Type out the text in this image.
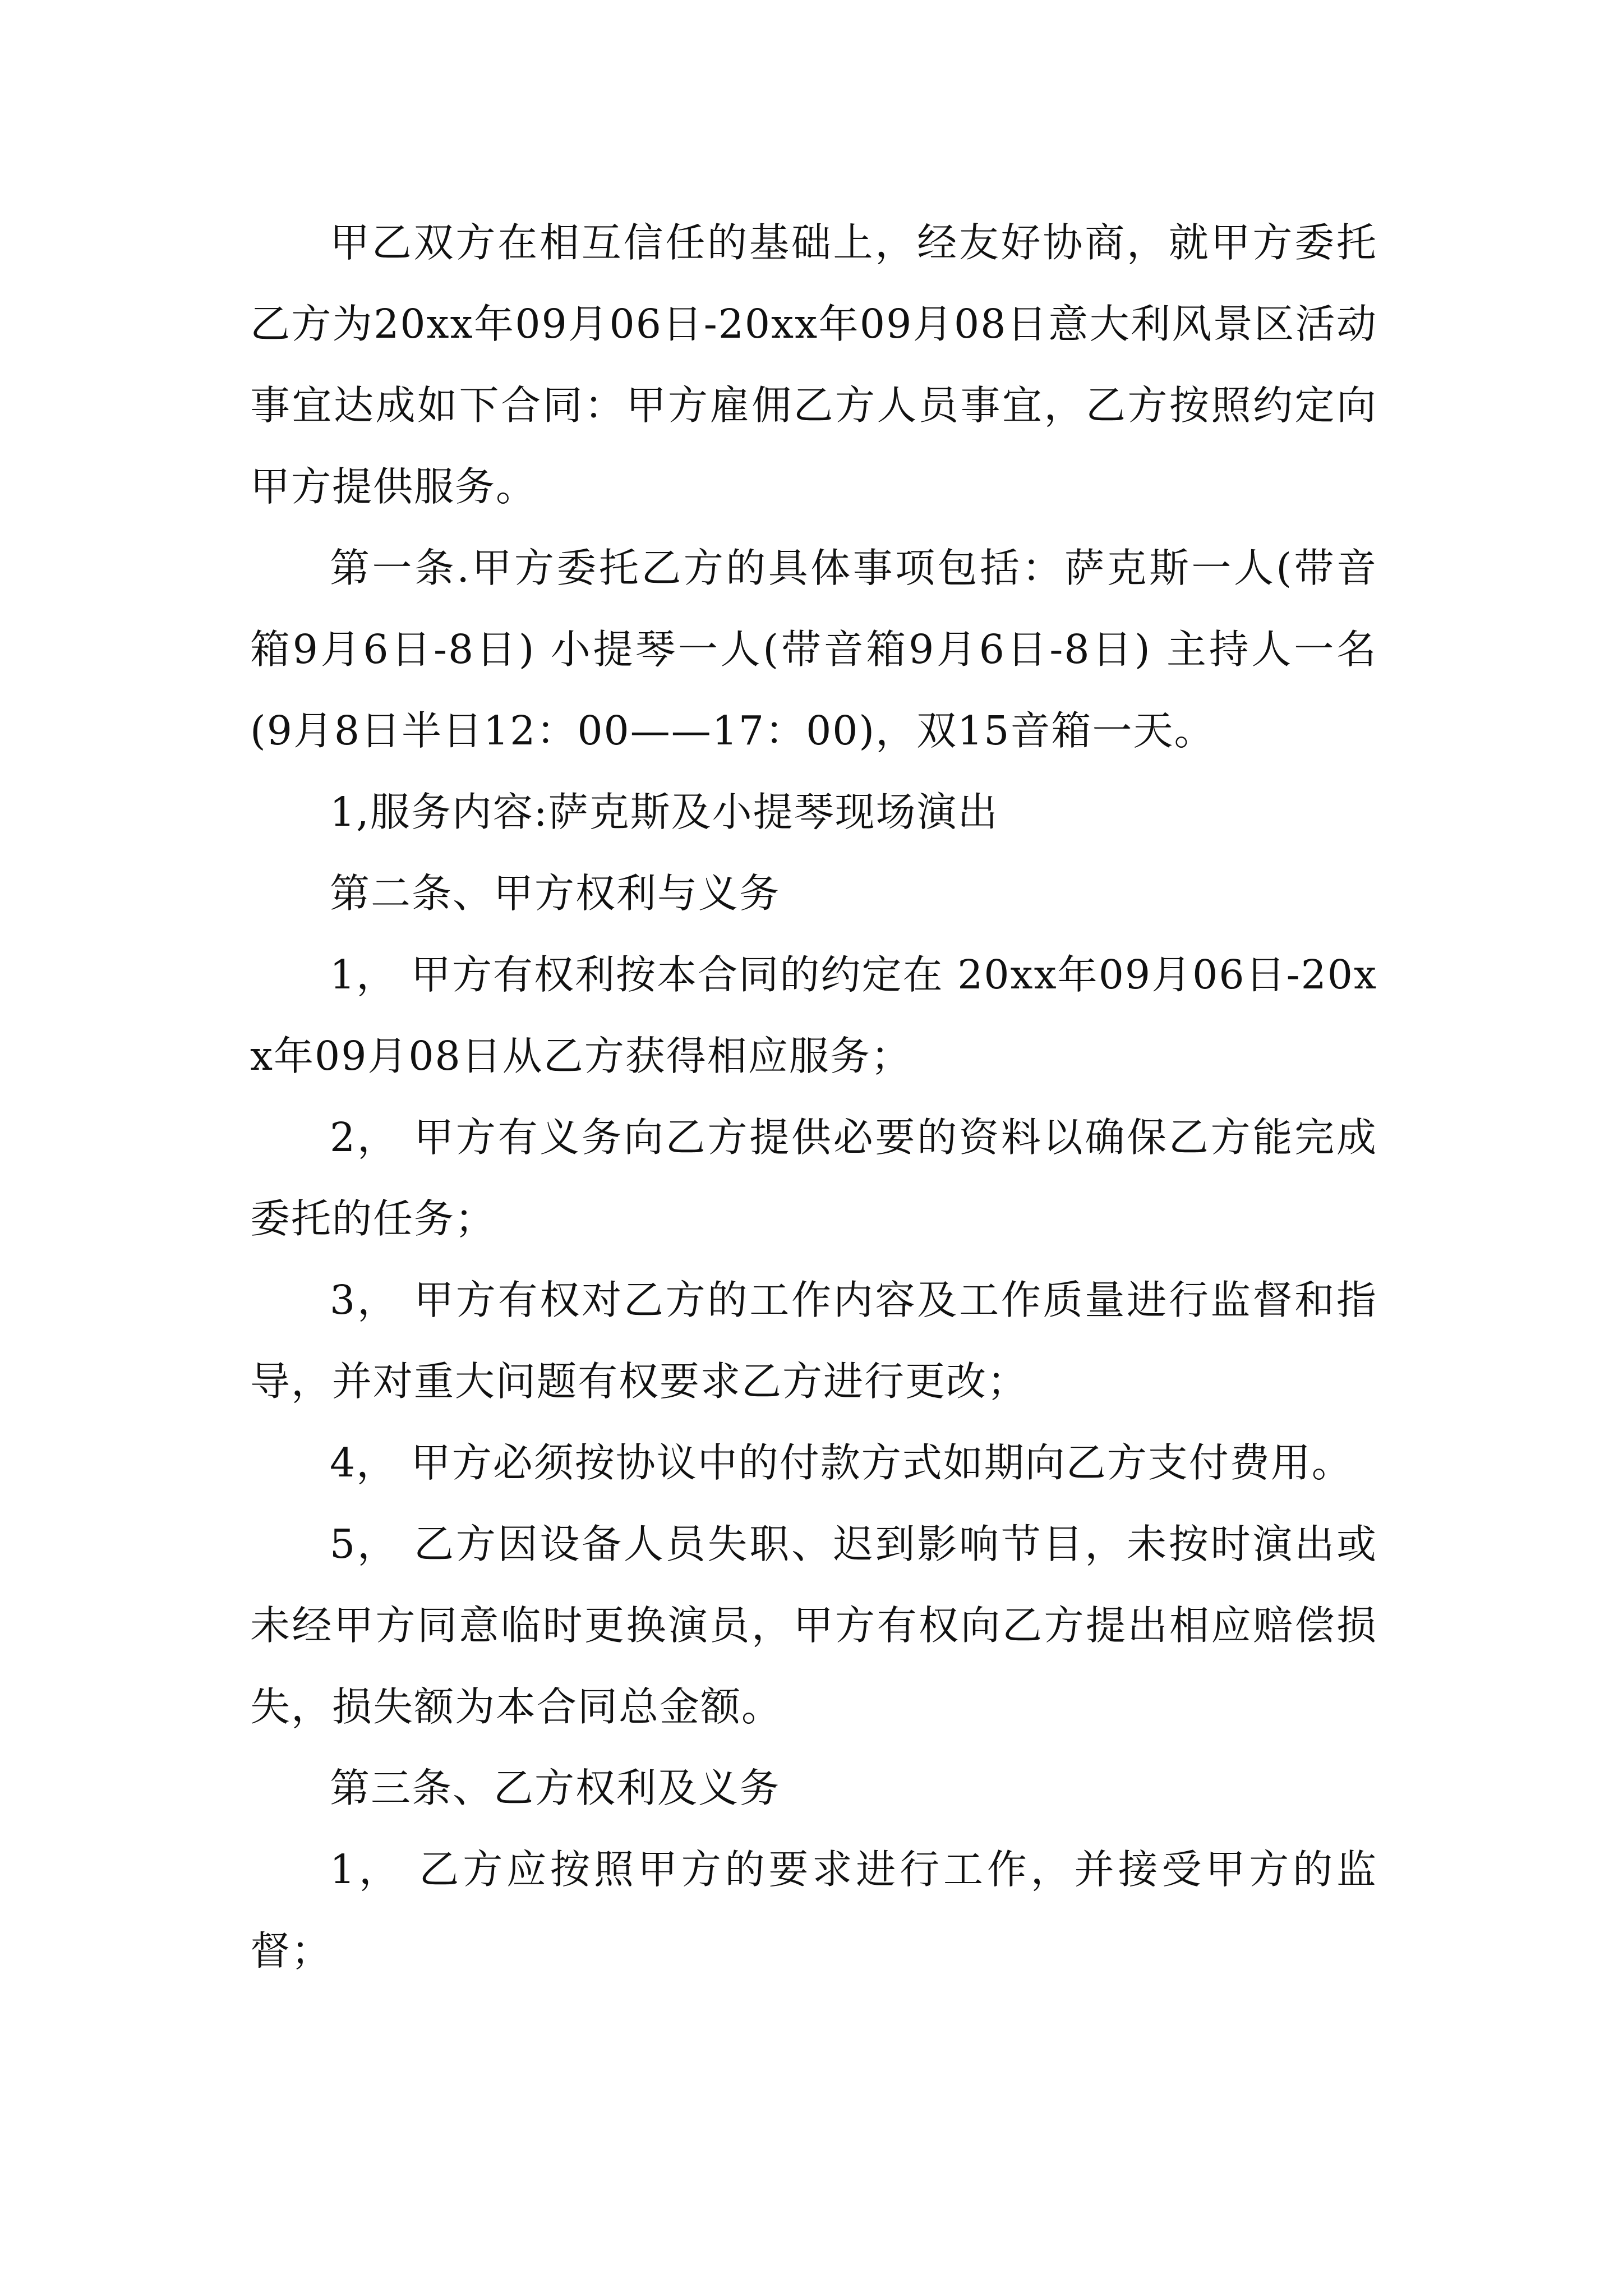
甲乙双方在相互信任的基础上，经友好协商，就甲方委托乙方为20xx年09月06日-20xx年09月08日意大利风景区活动事宜达成如下合同：甲方雇佣乙方人员事宜，乙方按照约定向甲方提供服务。

第一条.甲方委托乙方的具体事项包括：萨克斯一人(带音箱9月6日-8日) 小提琴一人(带音箱9月6日-8日) 主持人一名(9月8日半日12：00——17：00)，双15音箱一天。

1,服务内容:萨克斯及小提琴现场演出

第二条、甲方权利与义务

1， 甲方有权利按本合同的约定在 20xx年09月06日-20xx年09月08日从乙方获得相应服务；

2， 甲方有义务向乙方提供必要的资料以确保乙方能完成委托的任务；

3， 甲方有权对乙方的工作内容及工作质量进行监督和指导，并对重大问题有权要求乙方进行更改；

4， 甲方必须按协议中的付款方式如期向乙方支付费用。

5， 乙方因设备人员失职、迟到影响节目，未按时演出或未经甲方同意临时更换演员，甲方有权向乙方提出相应赔偿损失，损失额为本合同总金额。

第三条、乙方权利及义务

1， 乙方应按照甲方的要求进行工作，并接受甲方的监督；
